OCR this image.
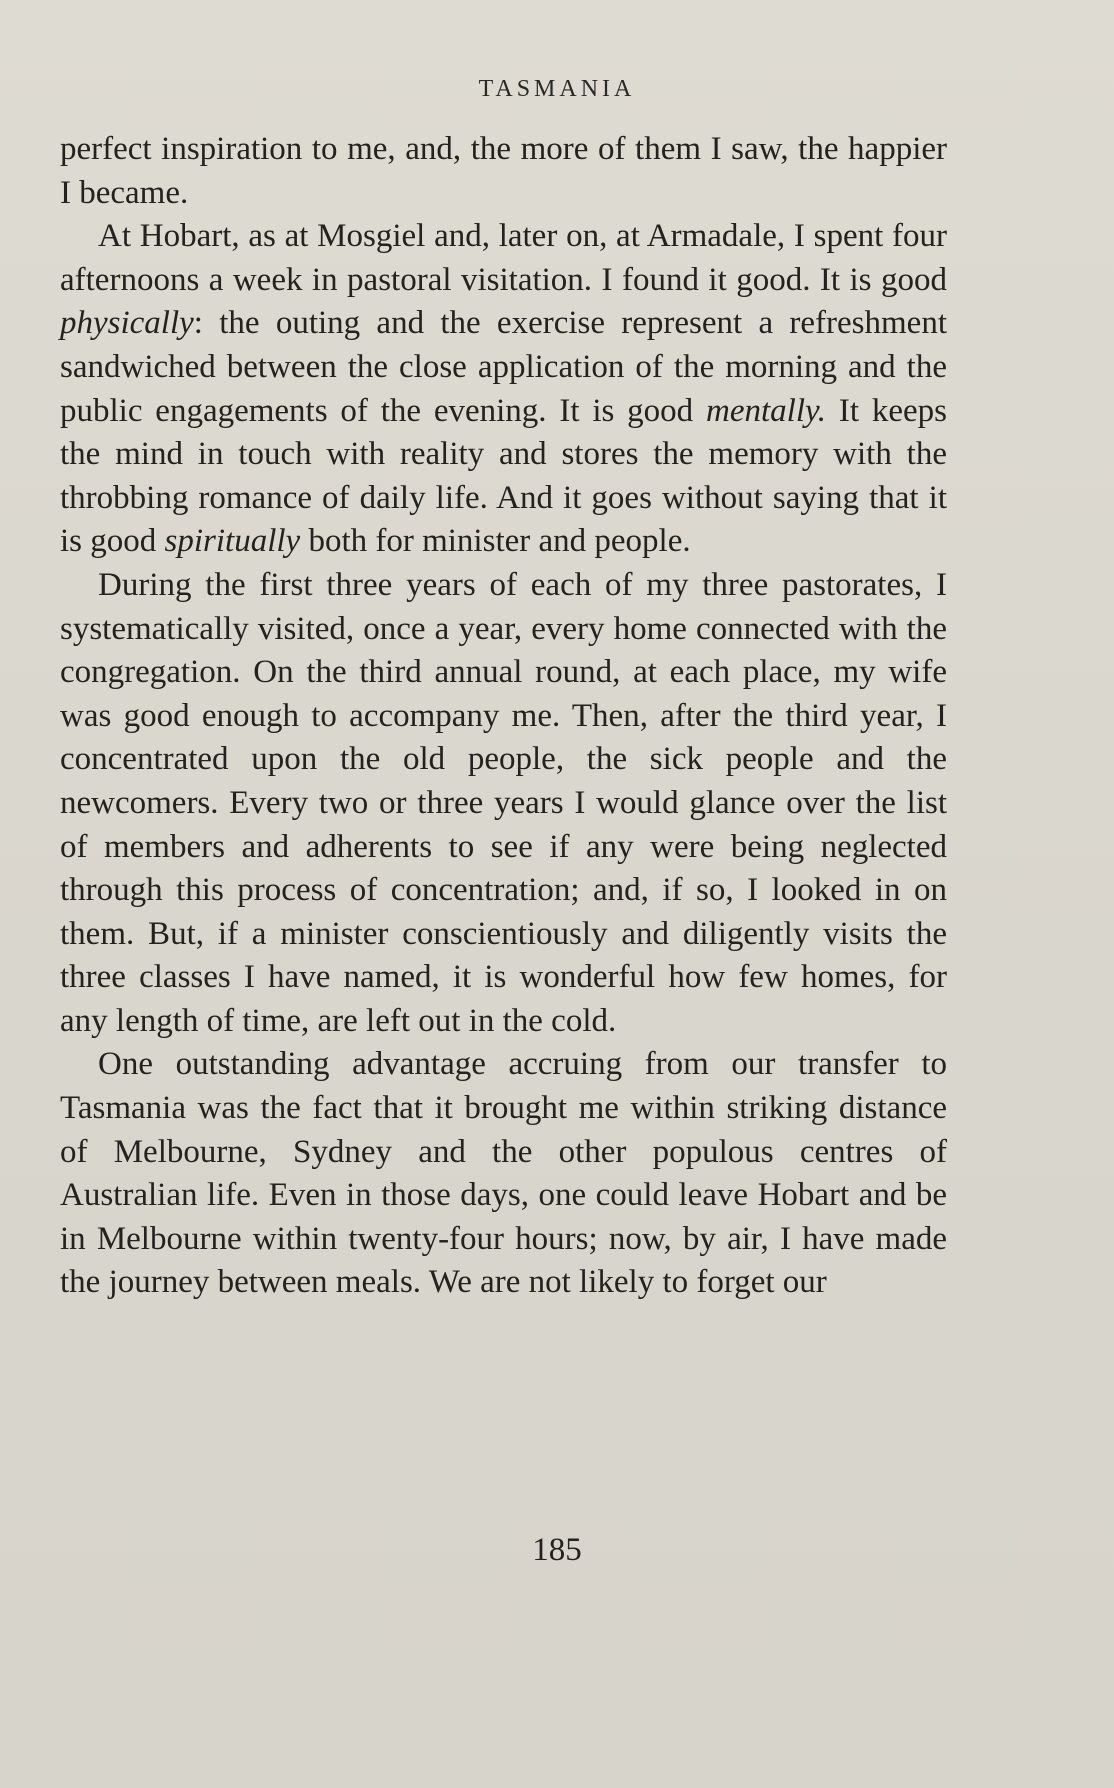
TASMANIA

perfect inspiration to me, and, the more of them I saw, the happier I became.

At Hobart, as at Mosgiel and, later on, at Armadale, I spent four afternoons a week in pastoral visitation. I found it good. It is good physically: the outing and the exercise represent a refreshment sandwiched between the close application of the morning and the public engagements of the evening. It is good mentally. It keeps the mind in touch with reality and stores the memory with the throbbing romance of daily life. And it goes without saying that it is good spiritually both for minister and people.

During the first three years of each of my three pastorates, I systematically visited, once a year, every home connected with the congregation. On the third annual round, at each place, my wife was good enough to accompany me. Then, after the third year, I concentrated upon the old people, the sick people and the newcomers. Every two or three years I would glance over the list of members and adherents to see if any were being neglected through this process of concentration; and, if so, I looked in on them. But, if a minister conscientiously and diligently visits the three classes I have named, it is wonderful how few homes, for any length of time, are left out in the cold.

One outstanding advantage accruing from our transfer to Tasmania was the fact that it brought me within striking distance of Melbourne, Sydney and the other populous centres of Australian life. Even in those days, one could leave Hobart and be in Melbourne within twenty-four hours; now, by air, I have made the journey between meals. We are not likely to forget our

185
